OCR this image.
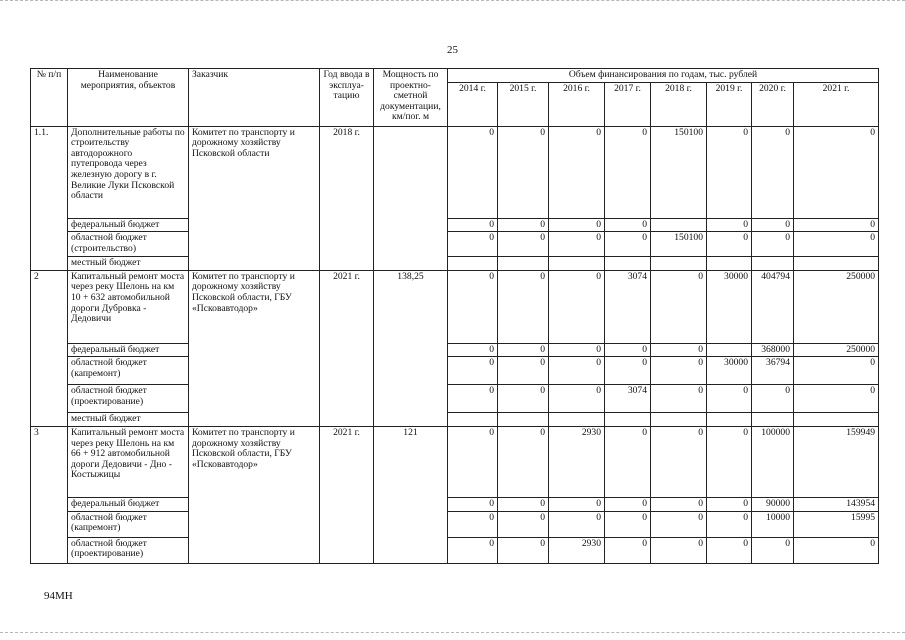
25
№ п/п	Наименование мероприятия, объектов	Заказчик	Год ввода в эксплуа-тацию	Мощность по проектно-сметной документации, км/пог. м	Объем финансирования по годам, тыс. рублей							
					2014 г.	2015 г.	2016 г.	2017 г.	2018 г.	2019 г.	2020 г.	2021 г.
1.1.	Дополнительные работы по строительству автодорожного путепровода через железную дорогу в г. Великие Луки Псковской области	Комитет по транспорту и дорожному хозяйству Псковской области	2018 г.		0	0	0	0	150100	0	0	0
	федеральный бюджет				0	0	0	0		0	0	0
	областной бюджет (строительство)				0	0	0	0	150100	0	0	0
	местный бюджет											
2	Капитальный ремонт моста через реку Шелонь на км 10 + 632 автомобильной дороги Дубровка - Дедовичи	Комитет по транспорту и дорожному хозяйству Псковской области, ГБУ «Псковавтодор»	2021 г.	138,25	0	0	0	3074	0	30000	404794	250000
	федеральный бюджет				0	0	0	0	0		368000	250000
	областной бюджет (капремонт)				0	0	0	0	0	30000	36794	0
	областной бюджет (проектирование)				0	0	0	3074	0	0	0	0
	местный бюджет											
3	Капитальный ремонт моста через реку Шелонь на км 66 + 912 автомобильной дороги Дедовичи - Дно - Костыжицы	Комитет по транспорту и дорожному хозяйству Псковской области, ГБУ «Псковавтодор»	2021 г.	121	0	0	2930	0	0	0	100000	159949
	федеральный бюджет				0	0	0	0	0	0	90000	143954
	областной бюджет (капремонт)				0	0	0	0	0	0	10000	15995
	областной бюджет (проектирование)				0	0	2930	0	0	0	0	0
94МН
